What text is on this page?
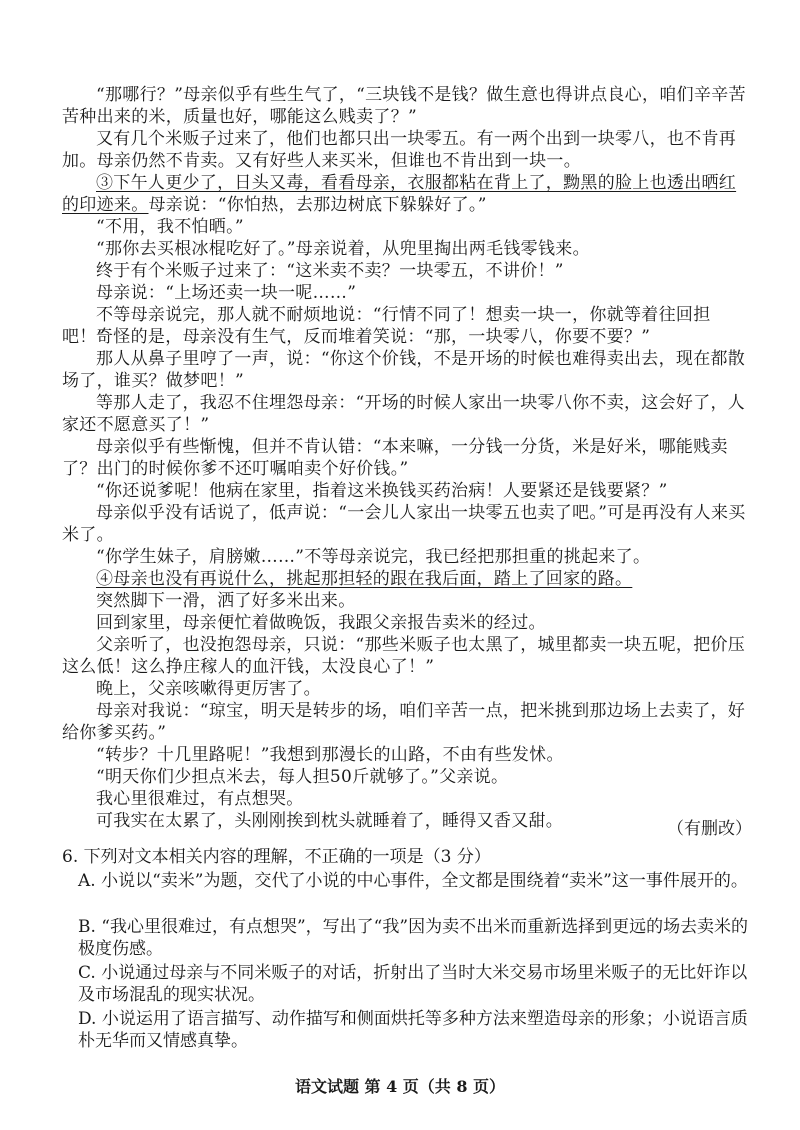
“那哪行？”母亲似乎有些生气了，“三块钱不是钱？做生意也得讲点良心，咱们辛辛苦苦种出来的米，质量也好，哪能这么贱卖了？”

又有几个米贩子过来了，他们也都只出一块零五。有一两个出到一块零八，也不肯再加。母亲仍然不肯卖。又有好些人来买米，但谁也不肯出到一块一。

③下午人更少了，日头又毒，看看母亲，衣服都粘在背上了，黝黑的脸上也透出晒红的印迹来。母亲说：“你怕热，去那边树底下躲躲好了。”

“不用，我不怕晒。”

“那你去买根冰棍吃好了。”母亲说着，从兜里掏出两毛钱零钱来。

终于有个米贩子过来了：“这米卖不卖？一块零五，不讲价！”

母亲说：“上场还卖一块一呢……”

不等母亲说完，那人就不耐烦地说：“行情不同了！想卖一块一，你就等着往回担吧！”

奇怪的是，母亲没有生气，反而堆着笑说：“那，一块零八，你要不要？”

那人从鼻子里哼了一声，说：“你这个价钱，不是开场的时候也难得卖出去，现在都散场了，谁买？做梦吧！”

等那人走了，我忍不住埋怨母亲：“开场的时候人家出一块零八你不卖，这会好了，人家还不愿意买了！”

母亲似乎有些惭愧，但并不肯认错：“本来嘛，一分钱一分货，米是好米，哪能贱卖了？出门的时候你爹不还叮嘱咱卖个好价钱。”

“你还说爹呢！他病在家里，指着这米换钱买药治病！人要紧还是钱要紧？”

母亲似乎没有话说了，低声说：“一会儿人家出一块零五也卖了吧。”可是再没有人来买米了。

“你学生妹子，肩膀嫩……”不等母亲说完，我已经把那担重的挑起来了。

④母亲也没有再说什么，挑起那担轻的跟在我后面，踏上了回家的路。

突然脚下一滑，洒了好多米出来。

回到家里，母亲便忙着做晚饭，我跟父亲报告卖米的经过。

父亲听了，也没抱怨母亲，只说：“那些米贩子也太黑了，城里都卖一块五呢，把价压这么低！这么挣庄稼人的血汗钱，太没良心了！”

晚上，父亲咳嗽得更厉害了。

母亲对我说：“琼宝，明天是转步的场，咱们辛苦一点，把米挑到那边场上去卖了，好给你爹买药。”

“转步？十几里路呢！”我想到那漫长的山路，不由有些发怵。

“明天你们少担点米去，每人担50斤就够了。”父亲说。

我心里很难过，有点想哭。

可我实在太累了，头刚刚挨到枕头就睡着了，睡得又香又甜。	（有删改）

6. 下列对文本相关内容的理解，不正确的一项是（3 分）

A. 小说以“卖米”为题，交代了小说的中心事件，全文都是围绕着“卖米”这一事件展开的。

B. “我心里很难过，有点想哭”，写出了“我”因为卖不出米而重新选择到更远的场去卖米的极度伤感。

C. 小说通过母亲与不同米贩子的对话，折射出了当时大米交易市场里米贩子的无比奸诈以及市场混乱的现实状况。

D. 小说运用了语言描写、动作描写和侧面烘托等多种方法来塑造母亲的形象；小说语言质朴无华而又情感真挚。

语文试题 第 4 页（共 8 页）
